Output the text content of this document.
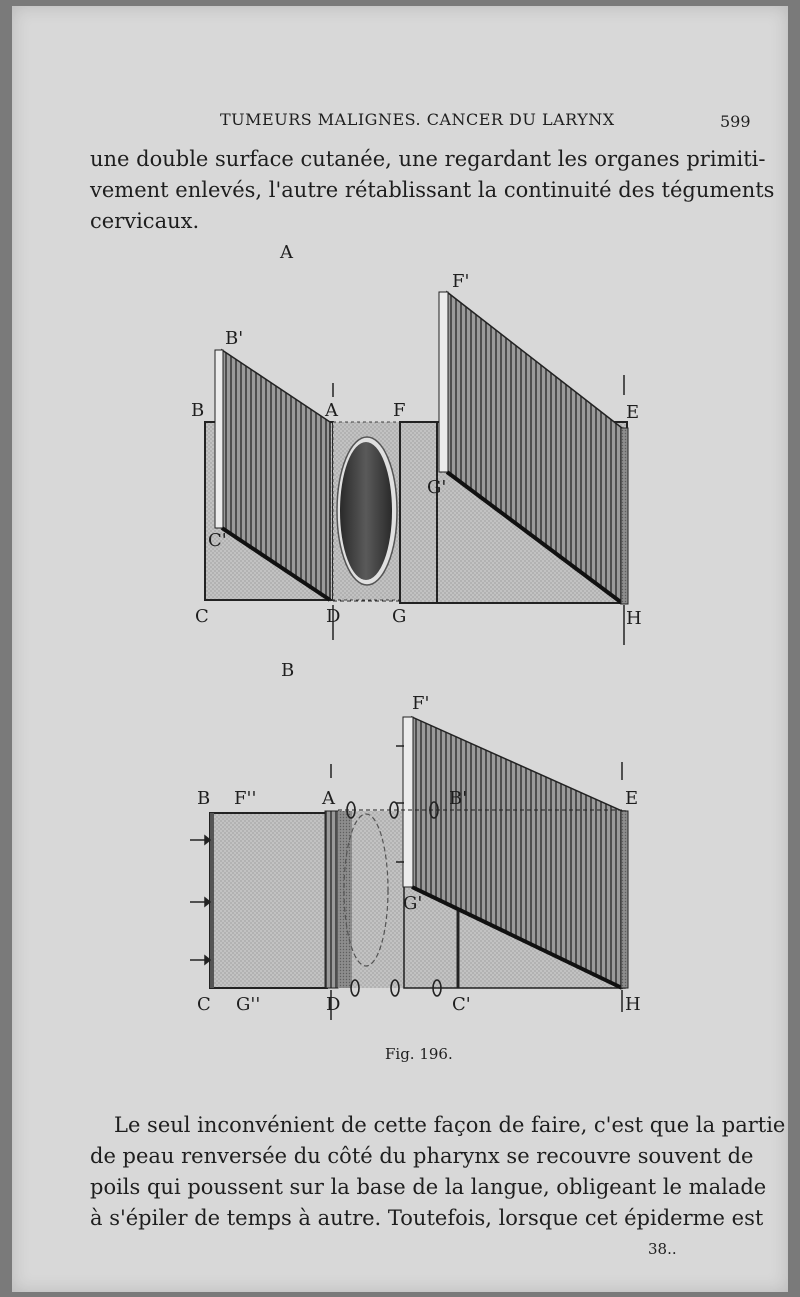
TUMEURS MALIGNES. CANCER DU LARYNX	599
une double surface cutanée, une regardant les organes primiti-
vement enlevés, l'autre rétablissant la continuité des téguments
cervicaux.
A
F'
B'
B	A	F	E
G'
C'
C	D	G	H
B
F'
B F''	A	B'	E
G'
C G''	D	C'	H
Fig. 196.
Le seul inconvénient de cette façon de faire, c'est que la partie
de peau renversée du côté du pharynx se recouvre souvent de
poils qui poussent sur la base de la langue, obligeant le malade
à s'épiler de temps à autre. Toutefois, lorsque cet épiderme est
38..
